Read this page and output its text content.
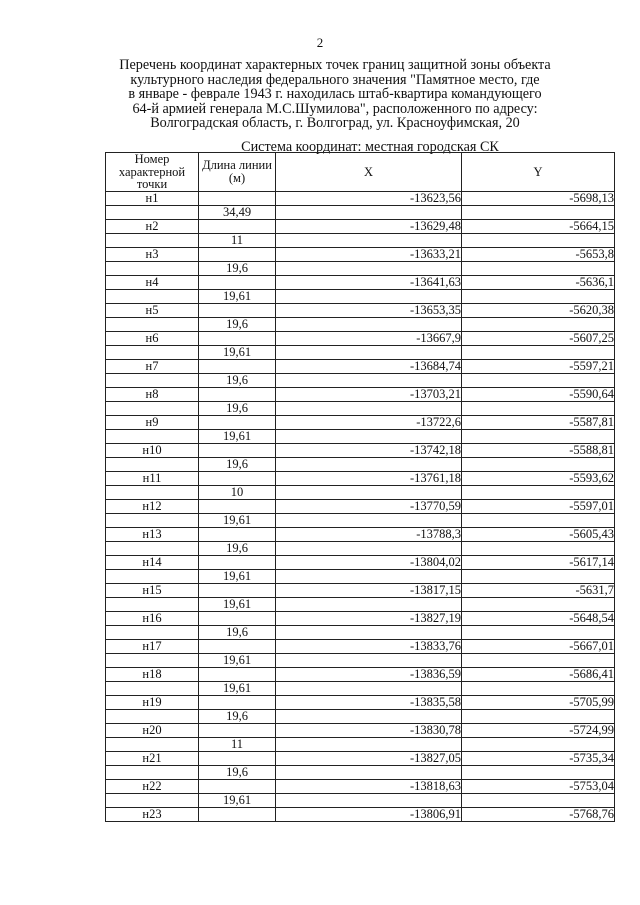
2
Перечень координат характерных точек границ защитной зоны объекта
культурного наследия федерального значения "Памятное место, где
в январе - феврале 1943 г. находилась штаб-квартира командующего
64-й армией генерала М.С.Шумилова", расположенного по адресу:
Волгоградская область, г. Волгоград, ул. Красноуфимская, 20
Система координат: местная городская СК
Номер характерной точки	Длина линии (м)	X	Y
н1		-13623,56	-5698,13
	34,49		
н2		-13629,48	-5664,15
	11		
н3		-13633,21	-5653,8
	19,6		
н4		-13641,63	-5636,1
	19,61		
н5		-13653,35	-5620,38
	19,6		
н6		-13667,9	-5607,25
	19,61		
н7		-13684,74	-5597,21
	19,6		
н8		-13703,21	-5590,64
	19,6		
н9		-13722,6	-5587,81
	19,61		
н10		-13742,18	-5588,81
	19,6		
н11		-13761,18	-5593,62
	10		
н12		-13770,59	-5597,01
	19,61		
н13		-13788,3	-5605,43
	19,6		
н14		-13804,02	-5617,14
	19,61		
н15		-13817,15	-5631,7
	19,61		
н16		-13827,19	-5648,54
	19,6		
н17		-13833,76	-5667,01
	19,61		
н18		-13836,59	-5686,41
	19,61		
н19		-13835,58	-5705,99
	19,6		
н20		-13830,78	-5724,99
	11		
н21		-13827,05	-5735,34
	19,6		
н22		-13818,63	-5753,04
	19,61		
н23		-13806,91	-5768,76
